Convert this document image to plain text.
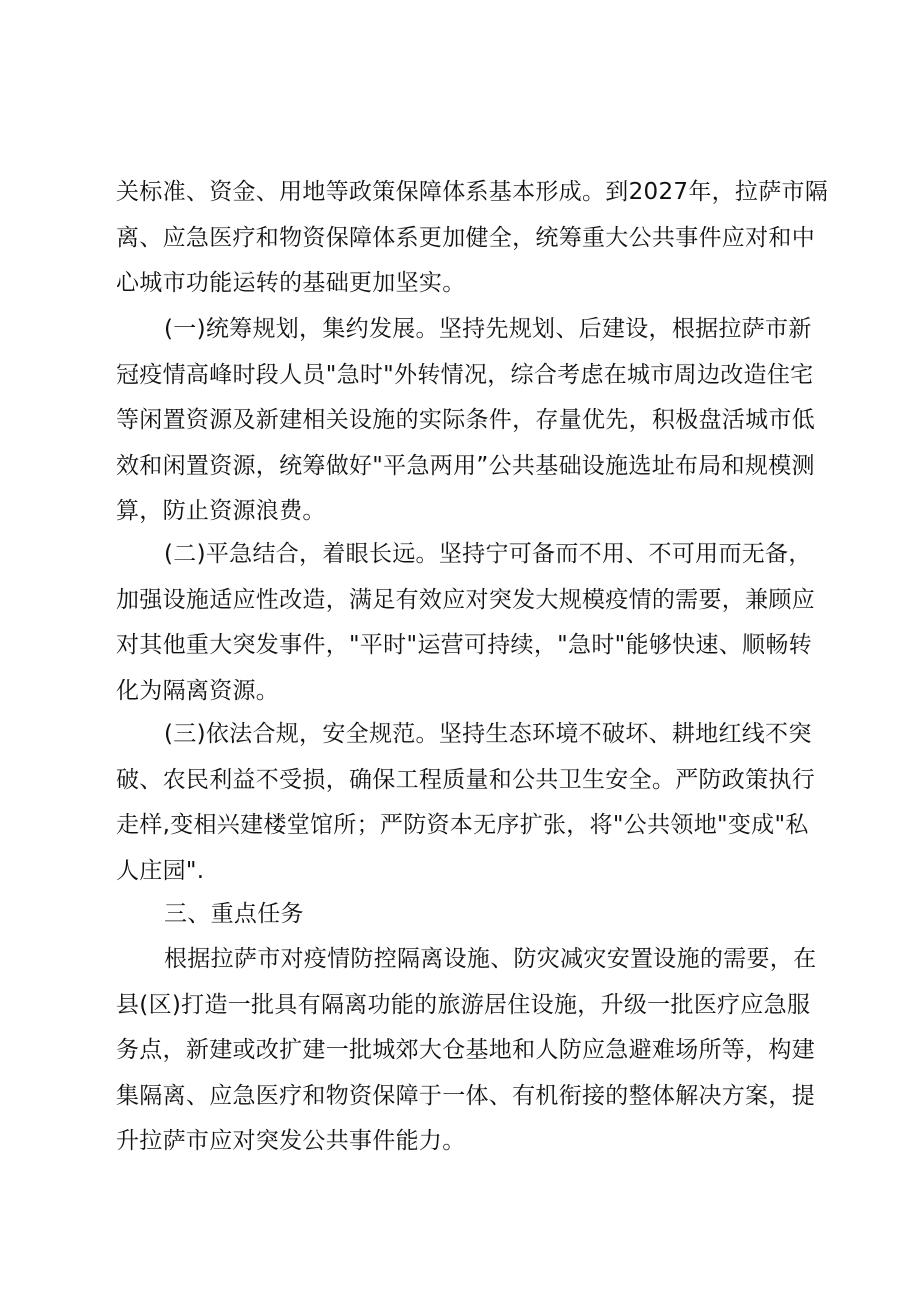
关标准、资金、用地等政策保障体系基本形成。到2027年，拉萨市隔
离、应急医疗和物资保障体系更加健全，统筹重大公共事件应对和中
心城市功能运转的基础更加坚实。
(一)统筹规划，集约发展。坚持先规划、后建设，根据拉萨市新
冠疫情高峰时段人员"急时"外转情况，综合考虑在城市周边改造住宅
等闲置资源及新建相关设施的实际条件，存量优先，积极盘活城市低
效和闲置资源，统筹做好"平急两用”公共基础设施选址布局和规模测
算，防止资源浪费。
(二)平急结合，着眼长远。坚持宁可备而不用、不可用而无备，
加强设施适应性改造，满足有效应对突发大规模疫情的需要，兼顾应
对其他重大突发事件，"平时"运营可持续，"急时"能够快速、顺畅转
化为隔离资源。
(三)依法合规，安全规范。坚持生态环境不破坏、耕地红线不突
破、农民利益不受损，确保工程质量和公共卫生安全。严防政策执行
走样,变相兴建楼堂馆所；严防资本无序扩张，将"公共领地"变成"私
人庄园".
三、重点任务
根据拉萨市对疫情防控隔离设施、防灾减灾安置设施的需要，在
县(区)打造一批具有隔离功能的旅游居住设施，升级一批医疗应急服
务点，新建或改扩建一批城郊大仓基地和人防应急避难场所等，构建
集隔离、应急医疗和物资保障于一体、有机衔接的整体解决方案，提
升拉萨市应对突发公共事件能力。
